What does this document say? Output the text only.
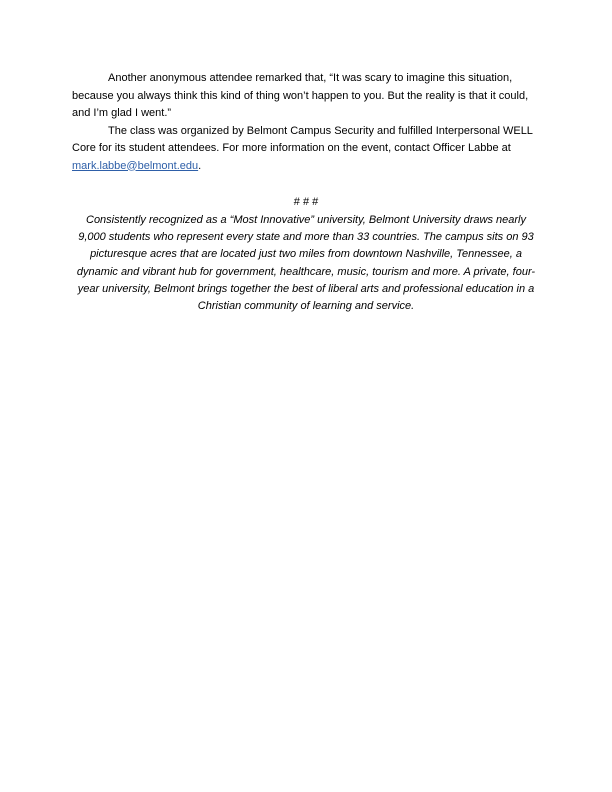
Another anonymous attendee remarked that, “It was scary to imagine this situation, because you always think this kind of thing won’t happen to you. But the reality is that it could, and I’m glad I went.”

The class was organized by Belmont Campus Security and fulfilled Interpersonal WELL Core for its student attendees. For more information on the event, contact Officer Labbe at mark.labbe@belmont.edu.

# # #

Consistently recognized as a “Most Innovative” university, Belmont University draws nearly 9,000 students who represent every state and more than 33 countries. The campus sits on 93 picturesque acres that are located just two miles from downtown Nashville, Tennessee, a dynamic and vibrant hub for government, healthcare, music, tourism and more. A private, four-year university, Belmont brings together the best of liberal arts and professional education in a Christian community of learning and service.
